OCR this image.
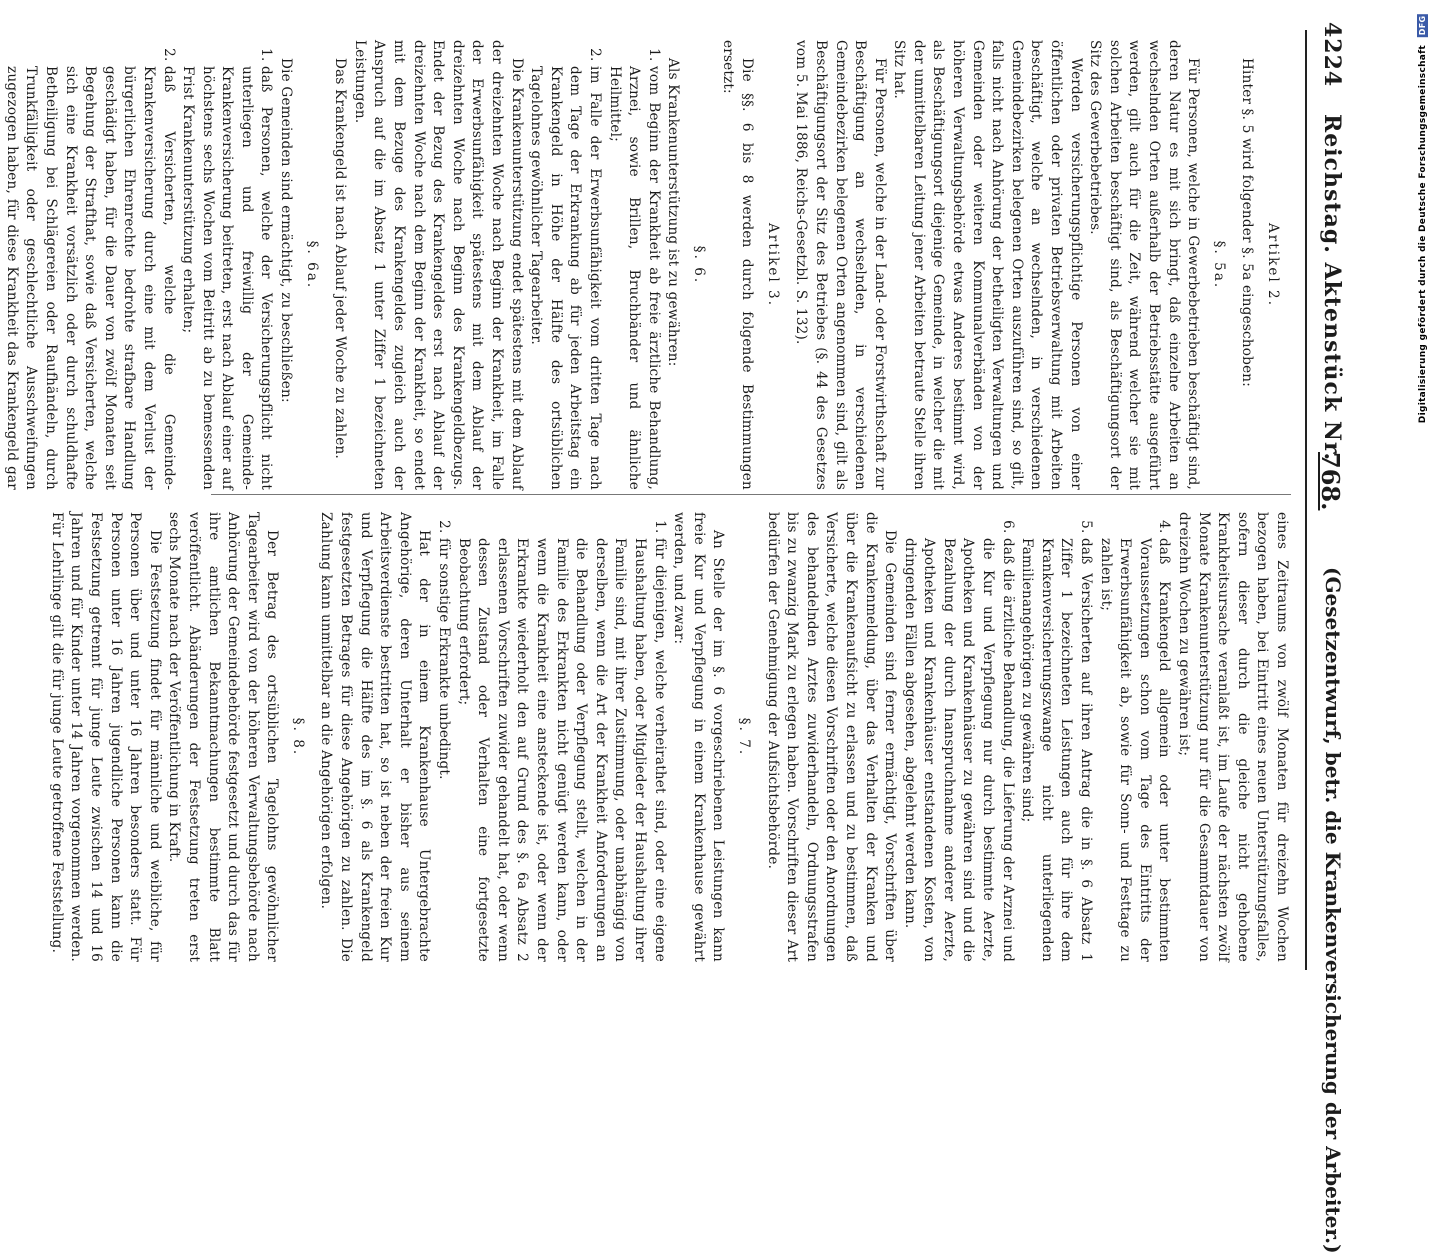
4224
Reichstag. Aktenstück Nr.
768.
(Gesetzentwurf, betr. die Krankenversicherung der Arbeiter.)

Artikel 2.

Hinter §. 5 wird folgender §. 5a eingeschoben:

§. 5a.

Für Personen, welche in Gewerbebetrieben beschäftigt sind, deren Natur es mit sich bringt, daß einzelne Arbeiten an wechselnden Orten außerhalb der Betriebsstätte ausgeführt werden, gilt auch für die Zeit, während welcher sie mit solchen Arbeiten beschäftigt sind, als Beschäftigungsort der Sitz des Gewerbebetriebes.

Werden versicherungspflichtige Personen von einer öffentlichen oder privaten Betriebsverwaltung mit Arbeiten beschäftigt, welche an wechselnden, in verschiedenen Gemeindebezirken belegenen Orten auszuführen sind, so gilt, falls nicht nach Anhörung der betheiligten Verwaltungen und Gemeinden oder weiteren Kommunalverbänden von der höheren Verwaltungsbehörde etwas Anderes bestimmt wird, als Beschäftigungsort diejenige Gemeinde, in welcher die mit der unmittelbaren Leitung jener Arbeiten betraute Stelle ihren Sitz hat.

Für Personen, welche in der Land- oder Forstwirthschaft zur Beschäftigung an wechselnden, in verschiedenen Gemeindebezirken belegenen Orten angenommen sind, gilt als Beschäftigungsort der Sitz des Betriebes (§. 44 des Gesetzes vom 5. Mai 1886, Reichs-Gesetzbl. S. 132).

Artikel 3.

Die §§. 6 bis 8 werden durch folgende Bestimmungen ersetzt:

§. 6.

Als Krankenunterstützung ist zu gewähren:

1. vom Beginn der Krankheit ab freie ärztliche Behandlung, Arznei, sowie Brillen, Bruchbänder und ähnliche Heilmittel;
2. im Falle der Erwerbsunfähigkeit vom dritten Tage nach dem Tage der Erkrankung ab für jeden Arbeitstag ein Krankengeld in Höhe der Hälfte des ortsüblichen Tagelohnes gewöhnlicher Tagearbeiter.

Die Krankenunterstützung endet spätestens mit dem Ablauf der dreizehnten Woche nach Beginn der Krankheit, im Falle der Erwerbsunfähigkeit spätestens mit dem Ablauf der dreizehnten Woche nach Beginn des Krankengeldbezugs. Endet der Bezug des Krankengeldes erst nach Ablauf der dreizehnten Woche nach dem Beginn der Krankheit, so endet mit dem Bezuge des Krankengeldes zugleich auch der Anspruch auf die im Absatz 1 unter Ziffer 1 bezeichneten Leistungen.

Das Krankengeld ist nach Ablauf jeder Woche zu zahlen.

§. 6a.

Die Gemeinden sind ermächtigt, zu beschließen:

1. daß Personen, welche der Versicherungspflicht nicht unterliegen und freiwillig der Gemeinde-Krankenversicherung beitreten, erst nach Ablauf einer auf höchstens sechs Wochen vom Beitritt ab zu bemessenden Frist Krankenunterstützung erhalten;
2. daß Versicherten, welche die Gemeinde-Krankenversicherung durch eine mit dem Verlust der bürgerlichen Ehrenrechte bedrohte strafbare Handlung geschädigt haben, für die Dauer von zwölf Monaten seit Begehung der Strafthat, sowie daß Versicherten, welche sich eine Krankheit vorsätzlich oder durch schuldhafte Betheiligung bei Schlägereien oder Raufhändeln, durch Trunkfälligkeit oder geschlechtliche Ausschweifungen zugezogen haben, für diese Krankheit das Krankengeld gar

eines Zeitraums von zwölf Monaten für dreizehn Wochen bezogen haben, bei Eintritt eines neuen Unterstützungsfalles, sofern dieser durch die gleiche nicht gehobene Krankheitsursache veranlaßt ist, im Laufe der nächsten zwölf Monate Krankenunterstützung nur für die Gesammtdauer von dreizehn Wochen zu gewähren ist;

4. daß Krankengeld allgemein oder unter bestimmten Voraussetzungen schon vom Tage des Eintritts der Erwerbsunfähigkeit ab, sowie für Sonn- und Festtage zu zahlen ist;
5. daß Versicherten auf ihren Antrag die in §. 6 Absatz 1 Ziffer 1 bezeichneten Leistungen auch für ihre dem Krankenversicherungszwange nicht unterliegenden Familienangehörigen zu gewähren sind;
6. daß die ärztliche Behandlung, die Lieferung der Arznei und die Kur und Verpflegung nur durch bestimmte Aerzte, Apotheken und Krankenhäuser zu gewähren sind und die Bezahlung der durch Inanspruchnahme anderer Aerzte, Apotheken und Krankenhäuser entstandenen Kosten, von dringenden Fällen abgesehen, abgelehnt werden kann.

Die Gemeinden sind ferner ermächtigt, Vorschriften über die Krankenmeldung, über das Verhalten der Kranken und über die Krankenaufsicht zu erlassen und zu bestimmen, daß Versicherte, welche diesen Vorschriften oder den Anordnungen des behandelnden Arztes zuwiderhandeln, Ordnungsstrafen bis zu zwanzig Mark zu erlegen haben. Vorschriften dieser Art bedürfen der Genehmigung der Aufsichtsbehörde.

§. 7.

An Stelle der im §. 6 vorgeschriebenen Leistungen kann freie Kur und Verpflegung in einem Krankenhause gewährt werden, und zwar:

1. für diejenigen, welche verheirathet sind, oder eine eigene Haushaltung haben, oder Mitglieder der Haushaltung ihrer Familie sind, mit ihrer Zustimmung, oder unabhängig von derselben, wenn die Art der Krankheit Anforderungen an die Behandlung oder Verpflegung stellt, welchen in der Familie des Erkrankten nicht genügt werden kann, oder wenn die Krankheit eine ansteckende ist, oder wenn der Erkrankte wiederholt den auf Grund des §. 6a Absatz 2 erlassenen Vorschriften zuwider gehandelt hat, oder wenn dessen Zustand oder Verhalten eine fortgesetzte Beobachtung erfordert;
2. für sonstige Erkrankte unbedingt.

Hat der in einem Krankenhause Untergebrachte Angehörige, deren Unterhalt er bisher aus seinem Arbeitsverdienste bestritten hat, so ist neben der freien Kur und Verpflegung die Hälfte des im §. 6 als Krankengeld festgesetzten Betrages für diese Angehörigen zu zahlen. Die Zahlung kann unmittelbar an die Angehörigen erfolgen.

§. 8.

Der Betrag des ortsüblichen Tagelohns gewöhnlicher Tagearbeiter wird von der höheren Verwaltungsbehörde nach Anhörung der Gemeindebehörde festgesetzt und durch das für ihre amtlichen Bekanntmachungen bestimmte Blatt veröffentlicht. Abänderungen der Festsetzung treten erst sechs Monate nach der Veröffentlichung in Kraft.

Die Festsetzung findet für männliche und weibliche, für Personen über und unter 16 Jahren besonders statt. Für Personen unter 16 Jahren jugendliche Personen kann die Festsetzung getrennt für junge Leute zwischen 14 und 16 Jahren und für Kinder unter 14 Jahren vorgenommen werden. Für Lehrlinge gilt die für junge Leute getroffene Feststellung.

Digitalisierung gefördert durch die Deutsche Forschungsgemeinschaft DFG
